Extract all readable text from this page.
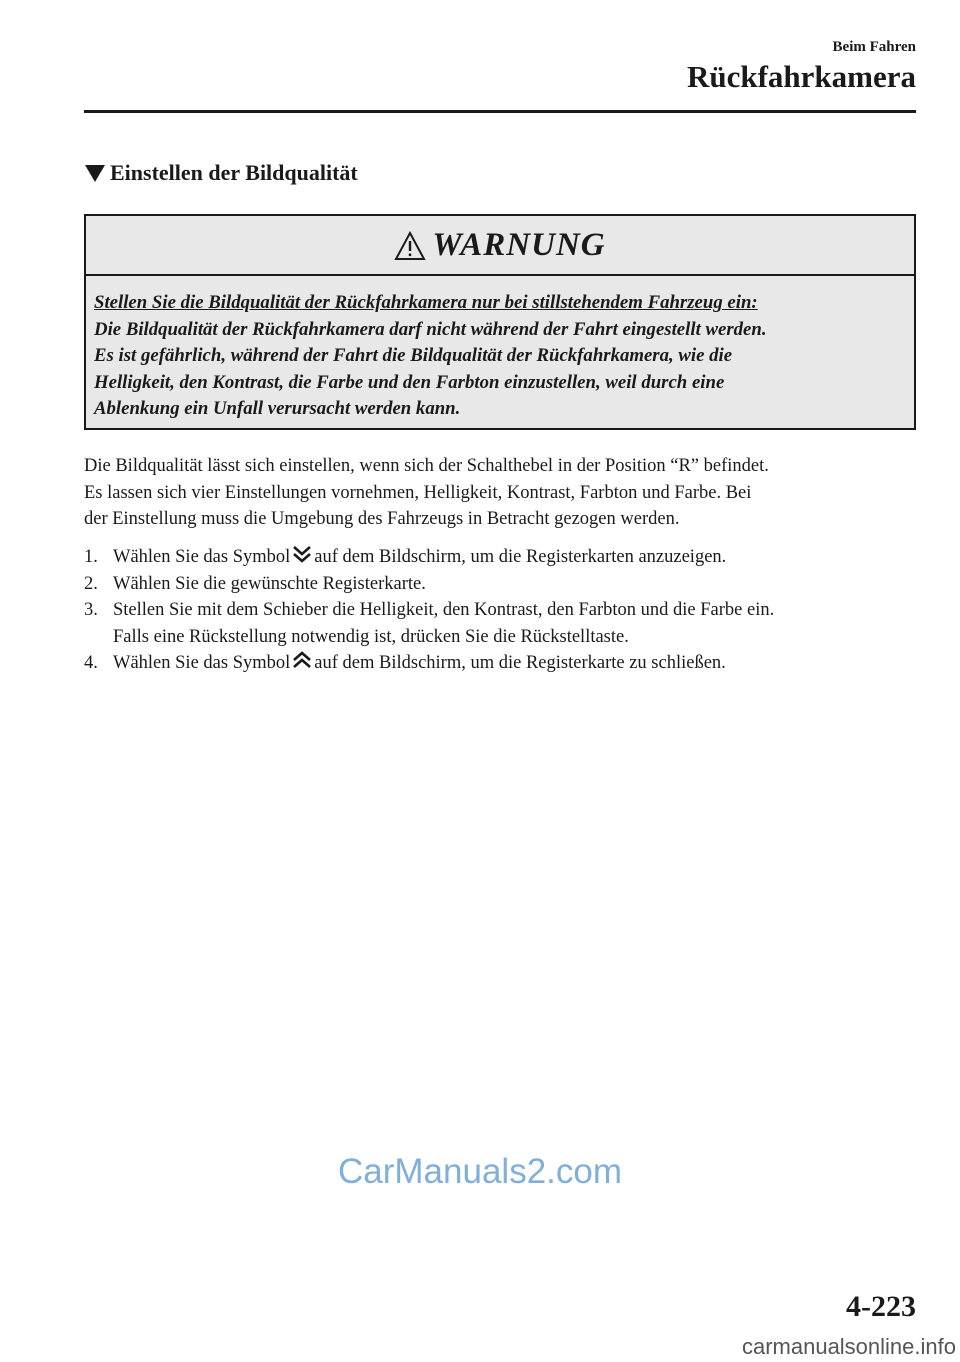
Beim Fahren
Rückfahrkamera
Einstellen der Bildqualität
WARNUNG

Stellen Sie die Bildqualität der Rückfahrkamera nur bei stillstehendem Fahrzeug ein:

Die Bildqualität der Rückfahrkamera darf nicht während der Fahrt eingestellt werden.

Es ist gefährlich, während der Fahrt die Bildqualität der Rückfahrkamera, wie die

Helligkeit, den Kontrast, die Farbe und den Farbton einzustellen, weil durch eine

Ablenkung ein Unfall verursacht werden kann.

Die Bildqualität lässt sich einstellen, wenn sich der Schalthebel in der Position “R” befindet.

Es lassen sich vier Einstellungen vornehmen, Helligkeit, Kontrast, Farbton und Farbe. Bei

der Einstellung muss die Umgebung des Fahrzeugs in Betracht gezogen werden.

1. Wählen Sie das Symbol auf dem Bildschirm, um die Registerkarten anzuzeigen.
2. Wählen Sie die gewünschte Registerkarte.
3. Stellen Sie mit dem Schieber die Helligkeit, den Kontrast, den Farbton und die Farbe ein.
Falls eine Rückstellung notwendig ist, drücken Sie die Rückstelltaste.
4. Wählen Sie das Symbol auf dem Bildschirm, um die Registerkarte zu schließen.
CarManuals2.com
4-223
carmanualsonline.info
